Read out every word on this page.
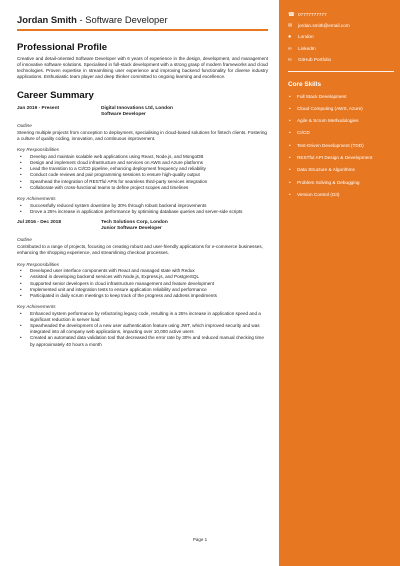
Jordan Smith - Software Developer
Professional Profile

Creative and detail-oriented Software Developer with 6 years of experience in the design, development, and management of innovative software solutions. Specialised in full-stack development with a strong grasp of modern frameworks and cloud technologies. Proven expertise in streamlining user experience and improving backend functionality for diverse industry applications. Enthusiastic team player and deep thinker committed to ongoing learning and excellence.

Career Summary
Jan 2019 - Present	Digital Innovations Ltd, London
Software Developer
Outline

Steering multiple projects from conception to deployment, specialising in cloud-based solutions for fintech clients. Fostering a culture of quality coding, innovation, and continuous improvement.

Key Responsibilities
• Develop and maintain scalable web applications using React, Node.js, and MongoDB
• Design and implement cloud infrastructure and services on AWS and Azure platforms
• Lead the transition to a CI/CD pipeline, enhancing deployment frequency and reliability
• Conduct code reviews and pair programming sessions to ensure high-quality output
• Spearhead the integration of RESTful APIs for seamless third-party services integration
• Collaborate with cross-functional teams to define project scopes and timelines
Key Achievements
• Successfully reduced system downtime by 30% through robust backend improvements
• Drove a 25% increase in application performance by optimising database queries and server-side scripts
Jul 2016 - Dec 2018	Tech Solutions Corp, London
Junior Software Developer
Outline

Contributed to a range of projects, focusing on creating robust and user-friendly applications for e-commerce businesses, enhancing the shopping experience, and streamlining checkout processes.

Key Responsibilities
• Developed user interface components with React and managed state with Redux
• Assisted in developing backend services with Node.js, Express.js, and PostgreSQL
• Supported senior developers in cloud infrastructure management and feature development
• Implemented unit and integration tests to ensure application reliability and performance
• Participated in daily scrum meetings to keep track of the progress and address impediments
Key Achievements
• Enhanced system performance by refactoring legacy code, resulting in a 25% increase in application speed and a significant reduction in server load
• Spearheaded the development of a new user authentication feature using JWT, which improved security and was integrated into all company web applications, impacting over 10,000 active users
• Created an automated data validation tool that decreased the error rate by 30% and reduced manual checking time by approximately 40 hours a month
Page 1
☎ 07777777777
✉	jordan.smith@email.com
●	London
∞	LinkedIn
∞	GitHub Portfolio
Core Skills
• Full Stack Development
• Cloud Computing (AWS, Azure)
• Agile & Scrum Methodologies
• CI/CD
• Test-Driven Development (TDD)
• RESTful API Design & Development
• Data Structure & Algorithms
• Problem Solving & Debugging
• Version Control (Git)
